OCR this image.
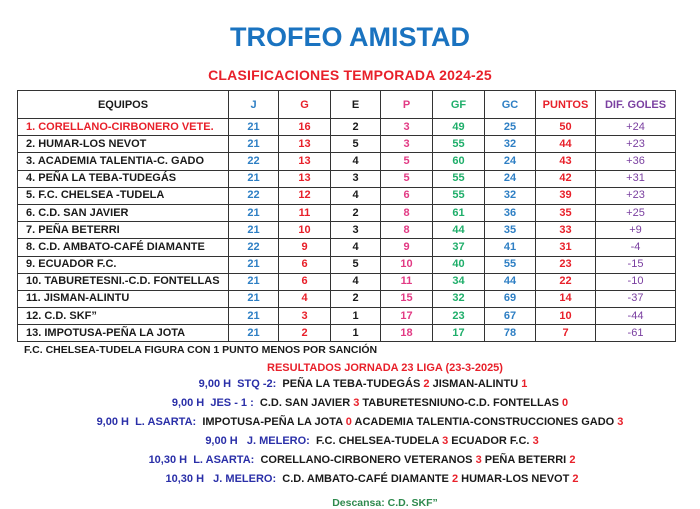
TROFEO AMISTAD
CLASIFICACIONES TEMPORADA 2024-25
EQUIPOS	J	G	E	P	GF	GC	PUNTOS	DIF. GOLES
1. CORELLANO-CIRBONERO VETE.	21	16	2	3	49	25	50	+24
2. HUMAR-LOS NEVOT	21	13	5	3	55	32	44	+23
3. ACADEMIA TALENTIA-C. GADO	22	13	4	5	60	24	43	+36
4. PEÑA LA TEBA-TUDEGÁS	21	13	3	5	55	24	42	+31
5. F.C. CHELSEA -TUDELA	22	12	4	6	55	32	39	+23
6. C.D. SAN JAVIER	21	11	2	8	61	36	35	+25
7. PEÑA BETERRI	21	10	3	8	44	35	33	+9
8. C.D. AMBATO-CAFÉ DIAMANTE	22	9	4	9	37	41	31	-4
9. ECUADOR F.C.	21	6	5	10	40	55	23	-15
10. TABURETESNI.-C.D. FONTELLAS	21	6	4	11	34	44	22	-10
11. JISMAN-ALINTU	21	4	2	15	32	69	14	-37
12. C.D. SKF”	21	3	1	17	23	67	10	-44
13. IMPOTUSA-PEÑA LA JOTA	21	2	1	18	17	78	7	-61
F.C. CHELSEA-TUDELA FIGURA CON 1 PUNTO MENOS POR SANCIÓN
RESULTADOS JORNADA 23 LIGA (23-3-2025)
9,00 H  STQ -2: PEÑA LA TEBA-TUDEGÁS 2 JISMAN-ALINTU 1
9,00 H  JES - 1 : C.D. SAN JAVIER 3 TABURETESNIUNO-C.D. FONTELLAS 0
9,00 H  L. ASARTA: IMPOTUSA-PEÑA LA JOTA 0 ACADEMIA TALENTIA-CONSTRUCCIONES GADO 3
9,00 H   J. MELERO: F.C. CHELSEA-TUDELA 3 ECUADOR F.C. 3
10,30 H  L. ASARTA: CORELLANO-CIRBONERO VETERANOS 3 PEÑA BETERRI 2
10,30 H   J. MELERO: C.D. AMBATO-CAFÉ DIAMANTE 2 HUMAR-LOS NEVOT 2
Descansa: C.D. SKF”
